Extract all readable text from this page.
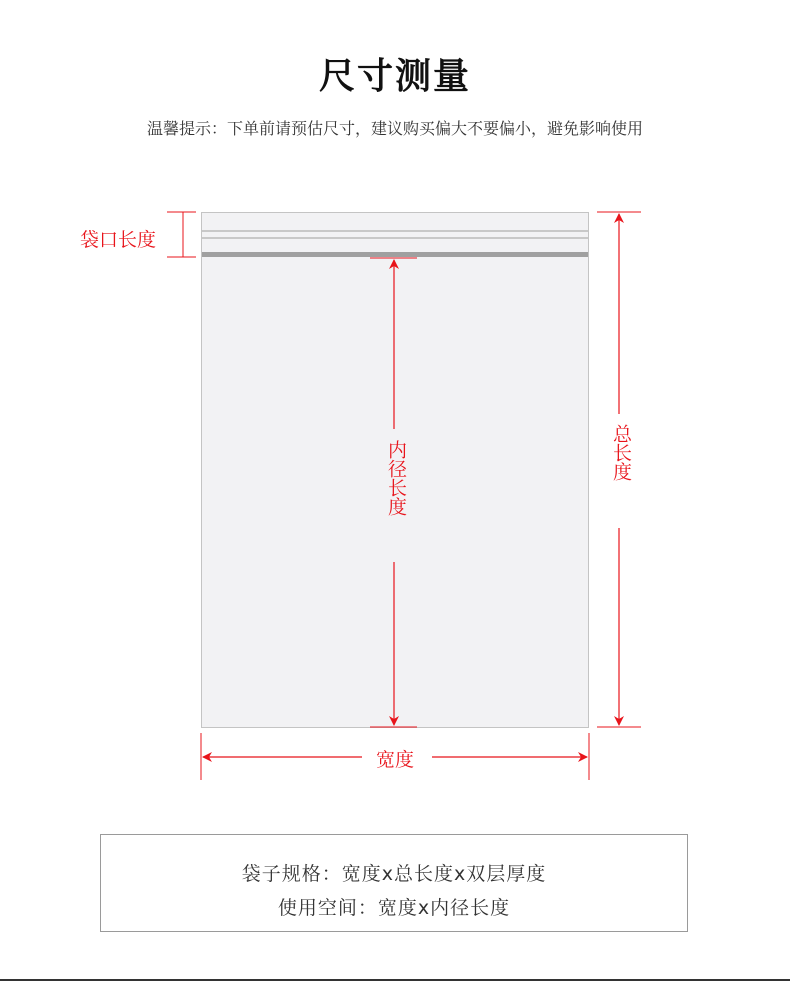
尺寸测量
温馨提示：下单前请预估尺寸，建议购买偏大不要偏小，避免影响使用
袋口长度
内径长度	总长度
宽度
袋子规格：宽度x总长度x双层厚度
使用空间：宽度x内径长度
